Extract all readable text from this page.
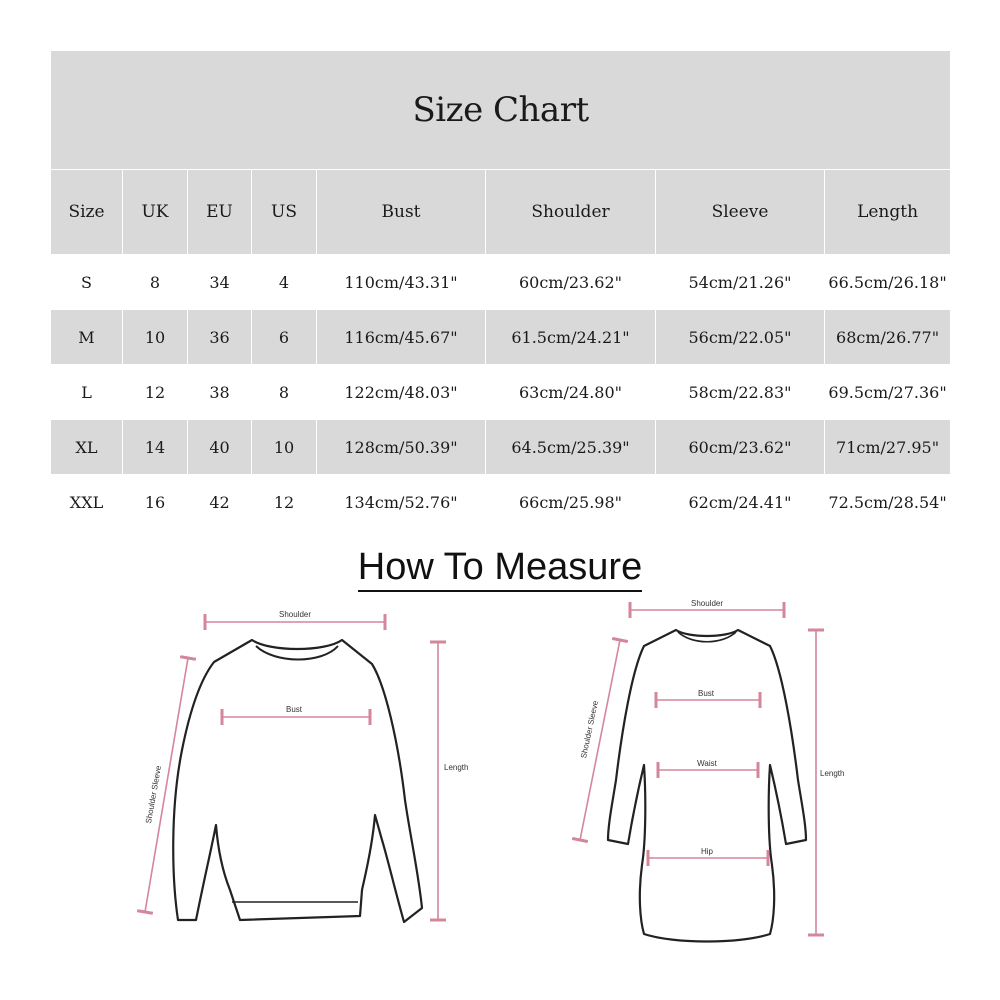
Size Chart							
Size	UK	EU	US	Bust	Shoulder	Sleeve	Length
S	8	34	4	110cm/43.31"	60cm/23.62"	54cm/21.26"	66.5cm/26.18"
M	10	36	6	116cm/45.67"	61.5cm/24.21"	56cm/22.05"	68cm/26.77"
L	12	38	8	122cm/48.03"	63cm/24.80"	58cm/22.83"	69.5cm/27.36"
XL	14	40	10	128cm/50.39"	64.5cm/25.39"	60cm/23.62"	71cm/27.95"
XXL	16	42	12	134cm/52.76"	66cm/25.98"	62cm/24.41"	72.5cm/28.54"
How To Measure
Shoulder
Bust
Length
Shoulder Sleeve
Shoulder
Bust
Waist
Hip
Length
Shoulder Sleeve
